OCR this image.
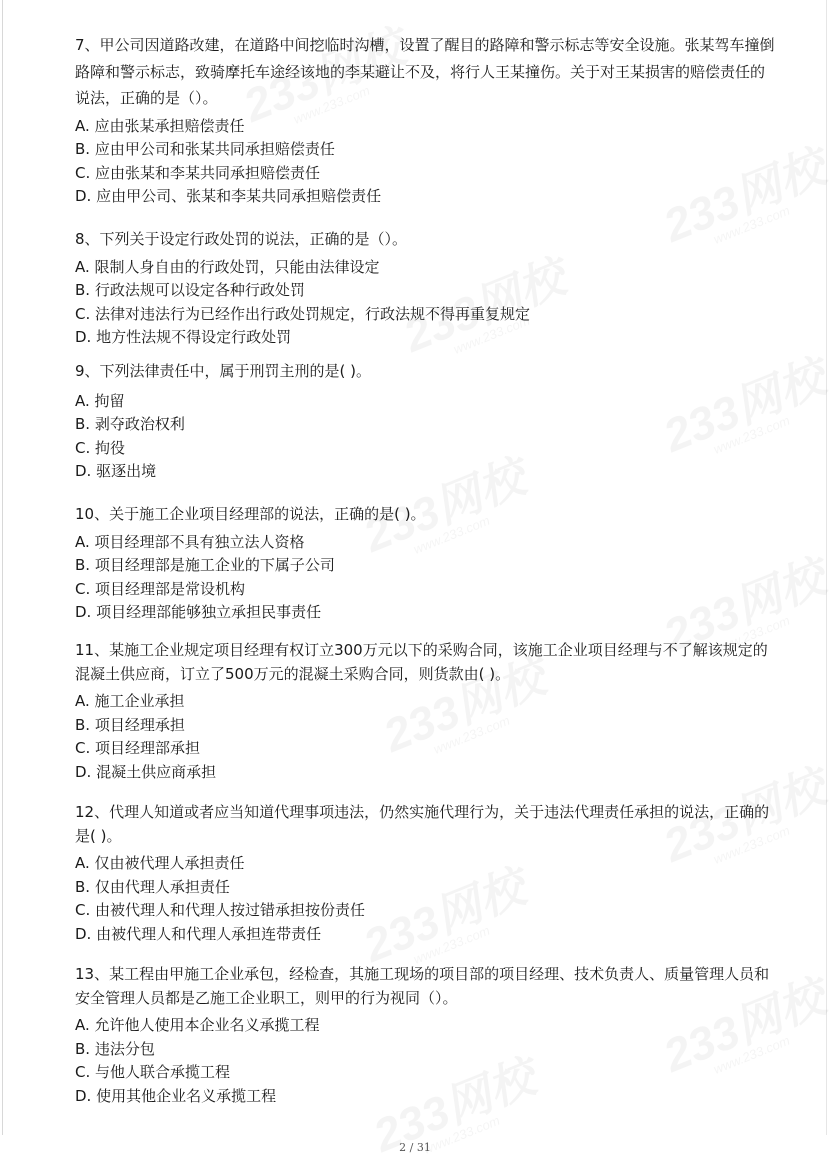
7、甲公司因道路改建，在道路中间挖临时沟槽，设置了醒目的路障和警示标志等安全设施。张某驾车撞倒路障和警示标志，致骑摩托车途经该地的李某避让不及，将行人王某撞伤。关于对王某损害的赔偿责任的说法，正确的是（）。

A. 应由张某承担赔偿责任
B. 应由甲公司和张某共同承担赔偿责任
C. 应由张某和李某共同承担赔偿责任
D. 应由甲公司、张某和李某共同承担赔偿责任

8、下列关于设定行政处罚的说法，正确的是（）。

A. 限制人身自由的行政处罚，只能由法律设定
B. 行政法规可以设定各种行政处罚
C. 法律对违法行为已经作出行政处罚规定，行政法规不得再重复规定
D. 地方性法规不得设定行政处罚

9、下列法律责任中，属于刑罚主刑的是( )。

A. 拘留
B. 剥夺政治权利
C. 拘役
D. 驱逐出境

10、关于施工企业项目经理部的说法，正确的是( )。

A. 项目经理部不具有独立法人资格
B. 项目经理部是施工企业的下属子公司
C. 项目经理部是常设机构
D. 项目经理部能够独立承担民事责任

11、某施工企业规定项目经理有权订立300万元以下的采购合同，该施工企业项目经理与不了解该规定的混凝土供应商，订立了500万元的混凝土采购合同，则货款由( )。

A. 施工企业承担
B. 项目经理承担
C. 项目经理部承担
D. 混凝土供应商承担

12、代理人知道或者应当知道代理事项违法，仍然实施代理行为，关于违法代理责任承担的说法，正确的是( )。

A. 仅由被代理人承担责任
B. 仅由代理人承担责任
C. 由被代理人和代理人按过错承担按份责任
D. 由被代理人和代理人承担连带责任

13、某工程由甲施工企业承包，经检查，其施工现场的项目部的项目经理、技术负责人、质量管理人员和安全管理人员都是乙施工企业职工，则甲的行为视同（）。

A. 允许他人使用本企业名义承揽工程
B. 违法分包
C. 与他人联合承揽工程
D. 使用其他企业名义承揽工程
2 / 31
